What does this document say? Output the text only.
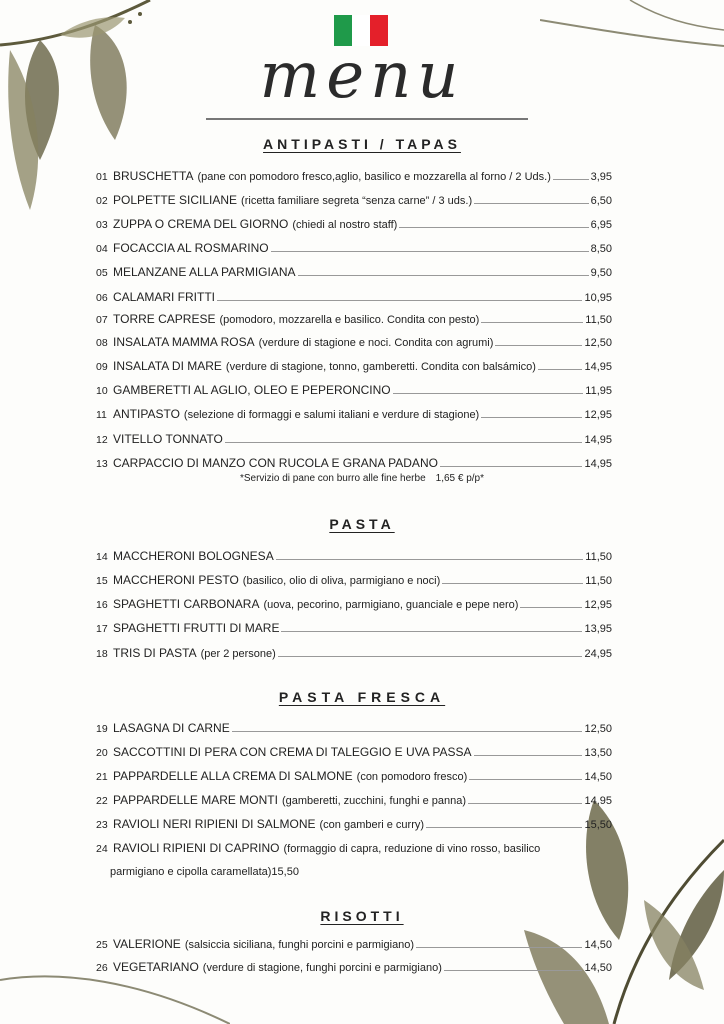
menu
ANTIPASTI / TAPAS
01 BRUSCHETTA (pane con pomodoro fresco,aglio, basilico e mozzarella al forno / 2 Uds.)	3,95
02 POLPETTE SICILIANE (ricetta familiare segreta “senza carne” / 3 uds.)	6,50
03 ZUPPA O CREMA DEL GIORNO (chiedi al nostro staff)	6,95
04 FOCACCIA AL ROSMARINO	8,50
05 MELANZANE ALLA PARMIGIANA	9,50
06 CALAMARI FRITTI	10,95
07 TORRE CAPRESE (pomodoro, mozzarella e basilico. Condita con pesto)	11,50
08 INSALATA MAMMA ROSA (verdure di stagione e noci. Condita con agrumi)	12,50
09 INSALATA DI MARE (verdure di stagione, tonno, gamberetti. Condita con balsámico)	14,95
10 GAMBERETTI AL AGLIO, OLEO E PEPERONCINO	11,95
11 ANTIPASTO (selezione di formaggi e salumi italiani e verdure di stagione)	12,95
12 VITELLO TONNATO	14,95
13 CARPACCIO DI MANZO CON RUCOLA E GRANA PADANO	14,95
*Servizio di pane con burro alle fine herbe 1,65 € p/p*
PASTA
14 MACCHERONI BOLOGNESA	11,50
15 MACCHERONI PESTO (basilico, olio di oliva, parmigiano e noci)	11,50
16 SPAGHETTI CARBONARA (uova, pecorino, parmigiano, guanciale e pepe nero)	12,95
17 SPAGHETTI FRUTTI DI MARE	13,95
18 TRIS DI PASTA (per 2 persone)	24,95
PASTA FRESCA
19 LASAGNA DI CARNE	12,50
20 SACCOTTINI DI PERA CON CREMA DI TALEGGIO E UVA PASSA	13,50
21 PAPPARDELLE ALLA CREMA DI SALMONE (con pomodoro fresco)	14,50
22 PAPPARDELLE MARE MONTI (gamberetti, zucchini, funghi e panna)	14,95
23 RAVIOLI NERI RIPIENI DI SALMONE (con gamberi e curry)	15,50
24 RAVIOLI RIPIENI DI CAPRINO (formaggio di capra, reduzione di vino rosso, basilico
parmigiano e cipolla caramellata) 15,50
RISOTTI
25 VALERIONE (salsiccia siciliana, funghi porcini e parmigiano)	14,50
26 VEGETARIANO (verdure di stagione, funghi porcini e parmigiano)	14,50
